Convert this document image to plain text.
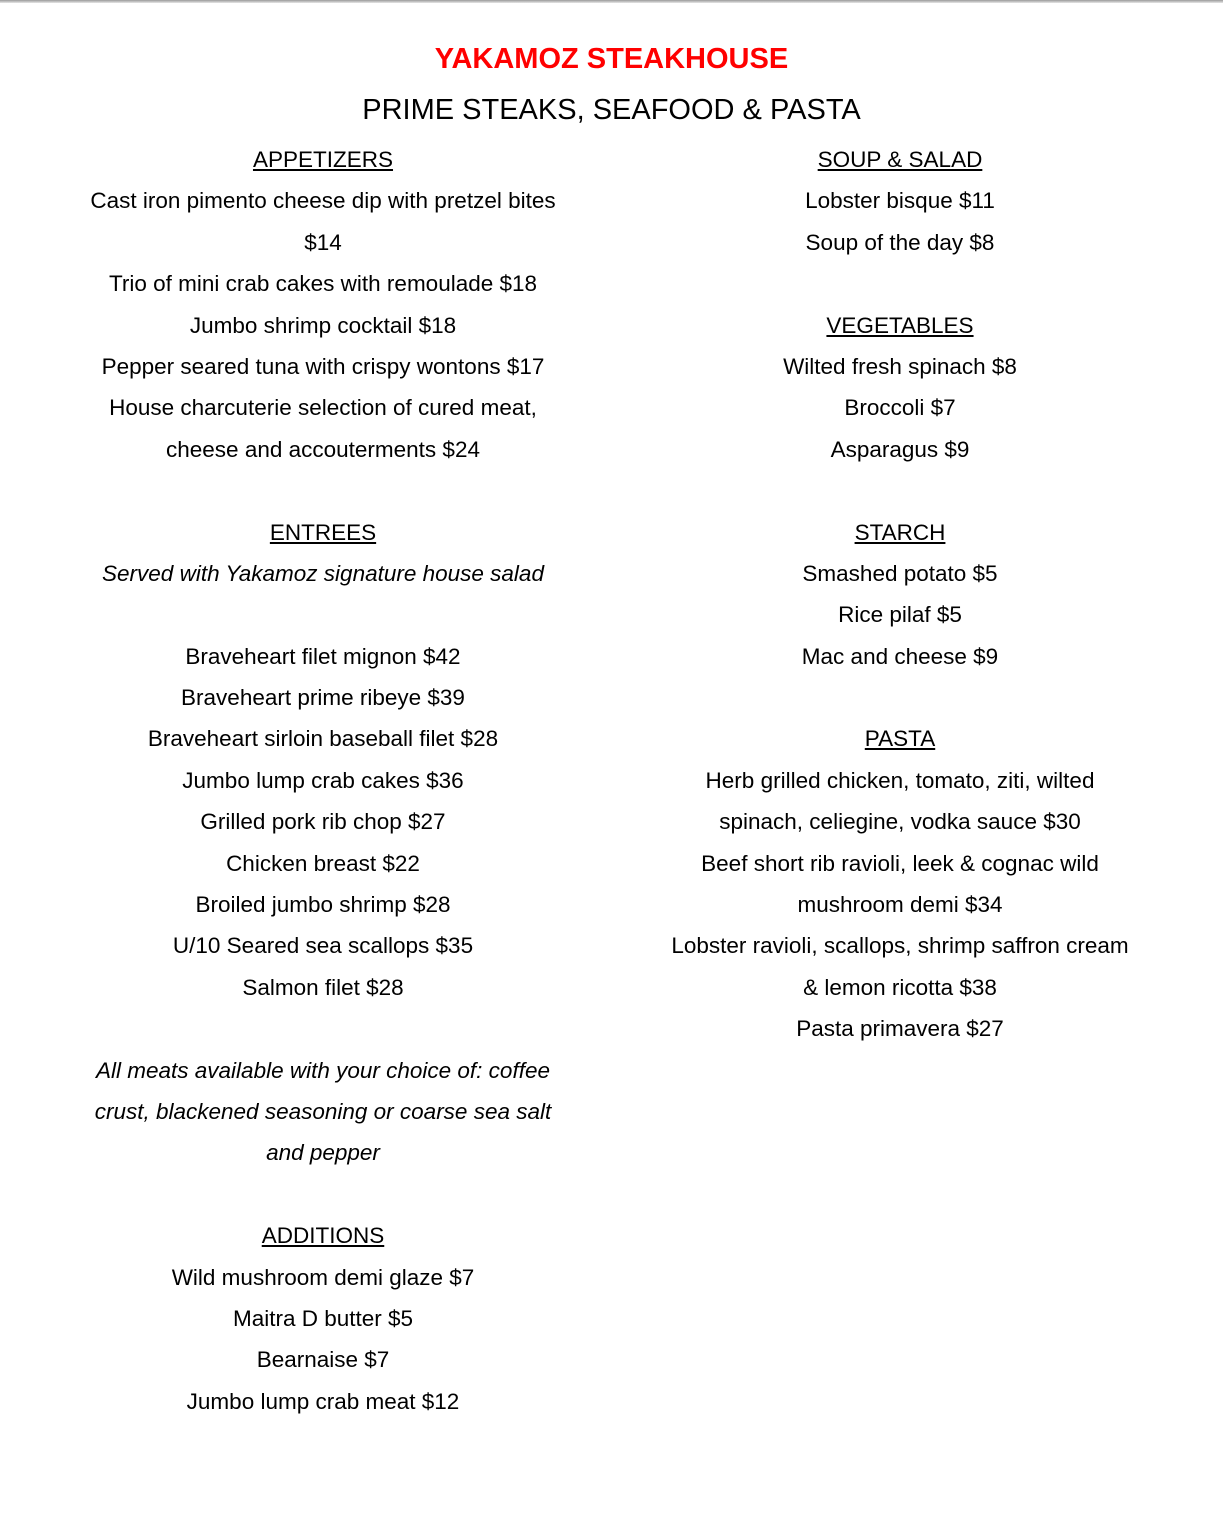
YAKAMOZ STEAKHOUSE
PRIME STEAKS, SEAFOOD & PASTA
APPETIZERS
Cast iron pimento cheese dip with pretzel bites
$14
Trio of mini crab cakes with remoulade $18
Jumbo shrimp cocktail $18
Pepper seared tuna with crispy wontons $17
House charcuterie selection of cured meat,
cheese and accouterments $24
ENTREES
Served with Yakamoz signature house salad
Braveheart filet mignon $42
Braveheart prime ribeye $39
Braveheart sirloin baseball filet $28
Jumbo lump crab cakes $36
Grilled pork rib chop $27
Chicken breast $22
Broiled jumbo shrimp $28
U/10 Seared sea scallops $35
Salmon filet $28
All meats available with your choice of: coffee
crust, blackened seasoning or coarse sea salt
and pepper
ADDITIONS
Wild mushroom demi glaze $7
Maitra D butter $5
Bearnaise $7
Jumbo lump crab meat $12
SOUP & SALAD
Lobster bisque $11
Soup of the day $8
VEGETABLES
Wilted fresh spinach $8
Broccoli $7
Asparagus $9
STARCH
Smashed potato $5
Rice pilaf $5
Mac and cheese $9
PASTA
Herb grilled chicken, tomato, ziti, wilted
spinach, celiegine, vodka sauce $30
Beef short rib ravioli, leek & cognac wild
mushroom demi $34
Lobster ravioli, scallops, shrimp saffron cream
& lemon ricotta $38
Pasta primavera $27
